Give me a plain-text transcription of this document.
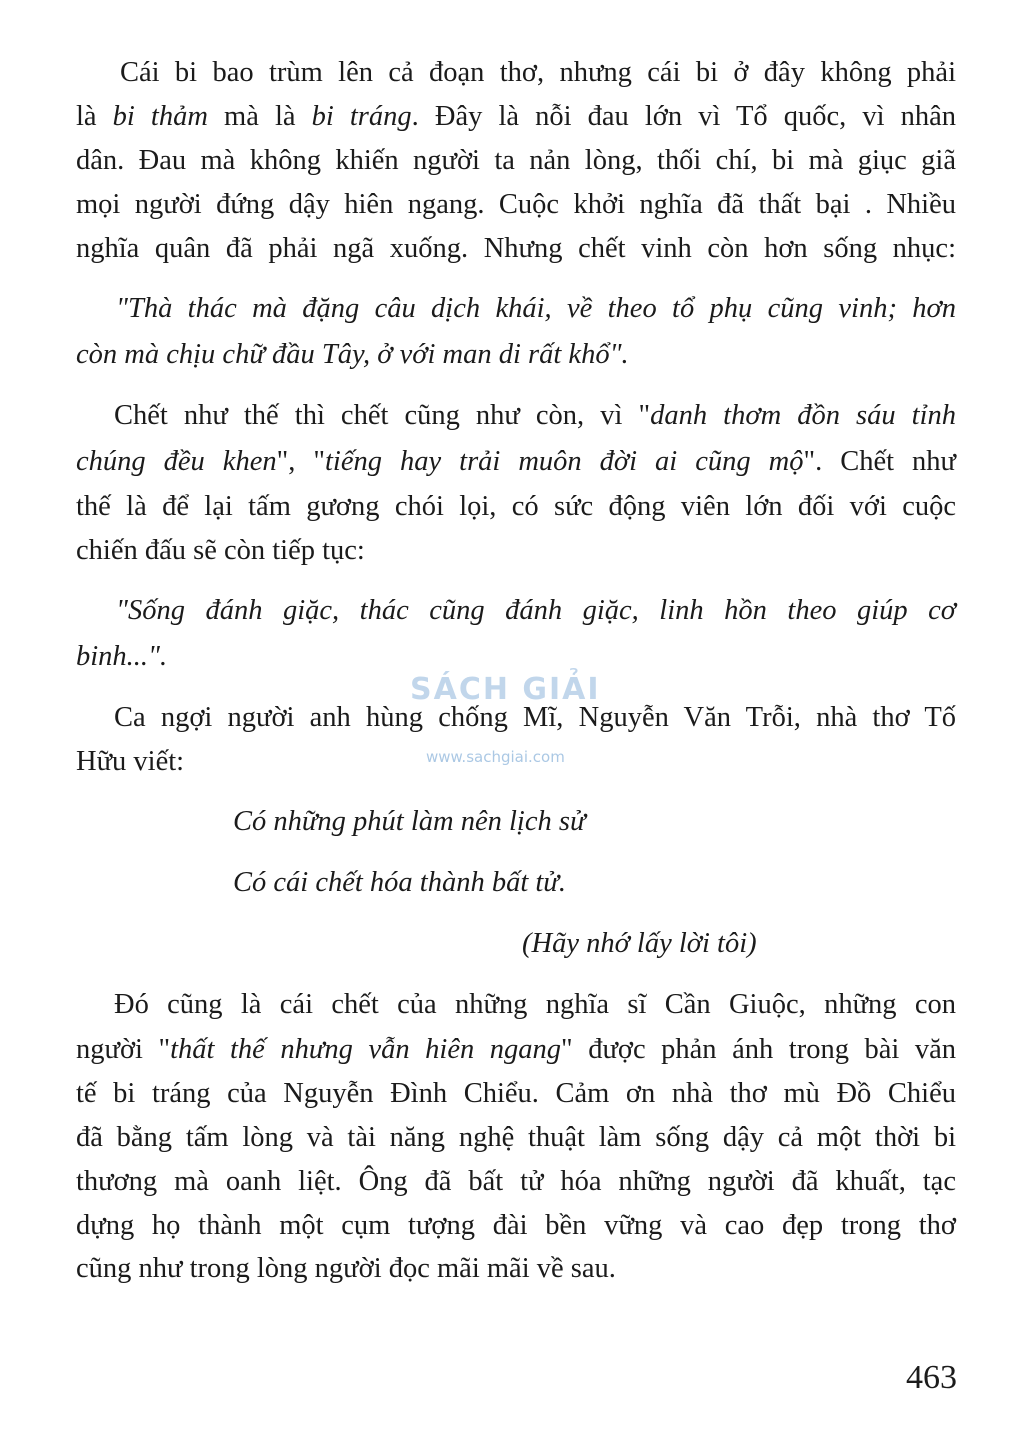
Cái bi bao trùm lên cả đoạn thơ, nhưng cái bi ở đây không phải

là bi thảm mà là bi tráng. Đây là nỗi đau lớn vì Tổ quốc, vì nhân

dân. Đau mà không khiến người ta nản lòng, thối chí, bi mà giục giã

mọi người đứng dậy hiên ngang. Cuộc khởi nghĩa đã thất bại . Nhiều

nghĩa quân đã phải ngã xuống. Nhưng chết vinh còn hơn sống nhục:

"Thà thác mà đặng câu dịch khái, về theo tổ phụ cũng vinh; hơn

còn mà chịu chữ đầu Tây, ở với man di rất khổ".

Chết như thế thì chết cũng như còn, vì "danh thơm đồn sáu tỉnh

chúng đều khen", "tiếng hay trải muôn đời ai cũng mộ". Chết như

thế là để lại tấm gương chói lọi, có sức động viên lớn đối với cuộc

chiến đấu sẽ còn tiếp tục:

"Sống đánh giặc, thác cũng đánh giặc, linh hồn theo giúp cơ

binh...".

Ca ngợi người anh hùng chống Mĩ, Nguyễn Văn Trỗi, nhà thơ Tố

Hữu viết:

Có những phút làm nên lịch sử

Có cái chết hóa thành bất tử.

(Hãy nhớ lấy lời tôi)

Đó cũng là cái chết của những nghĩa sĩ Cần Giuộc, những con

người "thất thế nhưng vẫn hiên ngang" được phản ánh trong bài văn

tế bi tráng của Nguyễn Đình Chiểu. Cảm ơn nhà thơ mù Đồ Chiểu

đã bằng tấm lòng và tài năng nghệ thuật làm sống dậy cả một thời bi

thương mà oanh liệt. Ông đã bất tử hóa những người đã khuất, tạc

dựng họ thành một cụm tượng đài bền vững và cao đẹp trong thơ

cũng như trong lòng người đọc mãi mãi về sau.

SÁCH GIẢI
www.sachgiai.com
463
